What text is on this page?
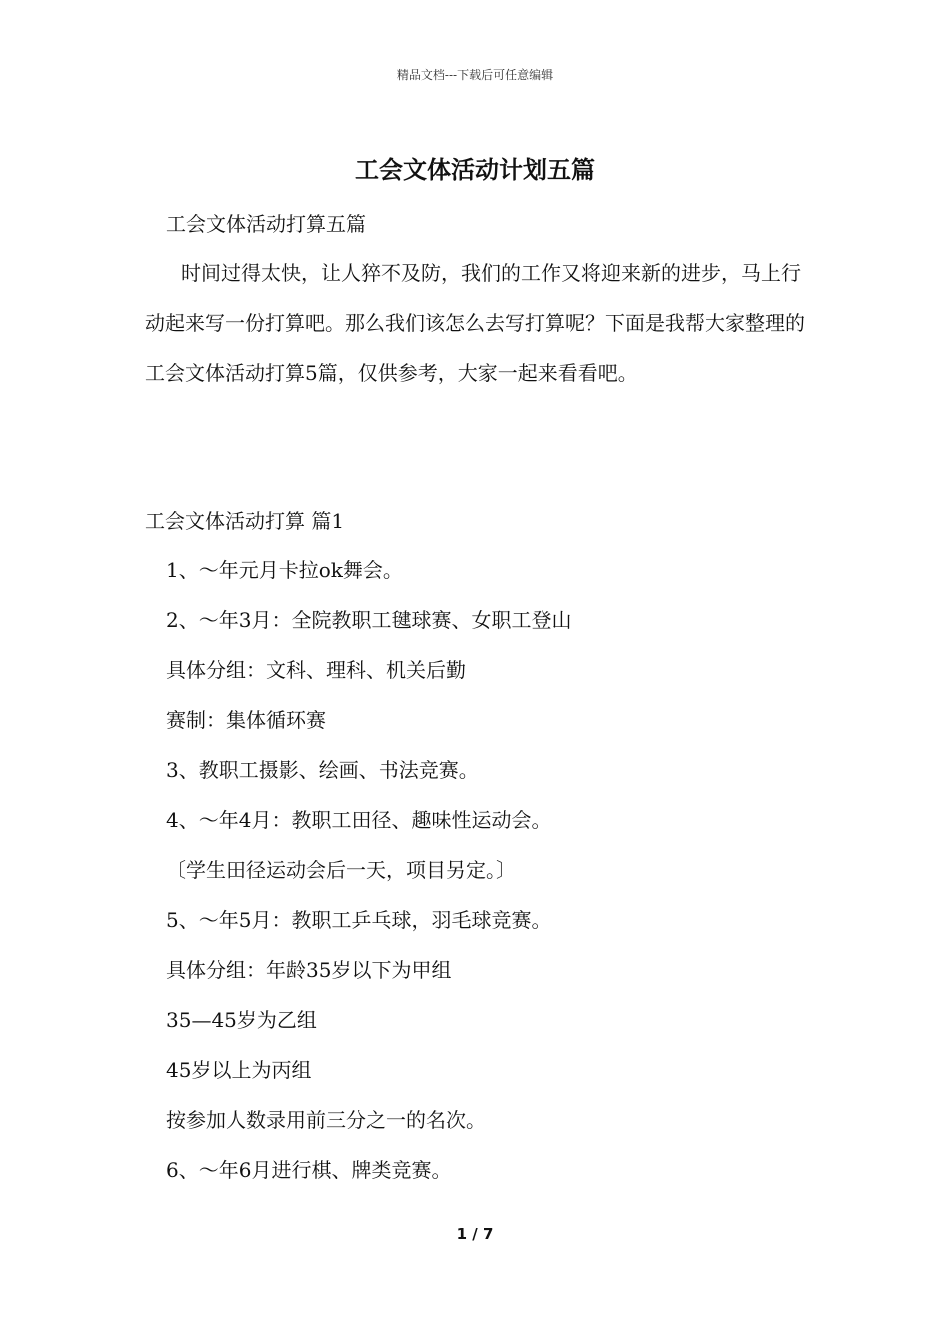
精品文档---下载后可任意编辑
工会文体活动计划五篇
工会文体活动打算五篇
时间过得太快，让人猝不及防，我们的工作又将迎来新的进步，马上行动起来写一份打算吧。那么我们该怎么去写打算呢？下面是我帮大家整理的工会文体活动打算5篇，仅供参考，大家一起来看看吧。
工会文体活动打算 篇1
1、～年元月卡拉ok舞会。
2、～年3月：全院教职工毽球赛、女职工登山
具体分组：文科、理科、机关后勤
赛制：集体循环赛
3、教职工摄影、绘画、书法竞赛。
4、～年4月：教职工田径、趣味性运动会。
〔学生田径运动会后一天，项目另定。〕
5、～年5月：教职工乒乓球，羽毛球竞赛。
具体分组：年龄35岁以下为甲组
35—45岁为乙组
45岁以上为丙组
按参加人数录用前三分之一的名次。
6、～年6月进行棋、牌类竞赛。
1 / 7
